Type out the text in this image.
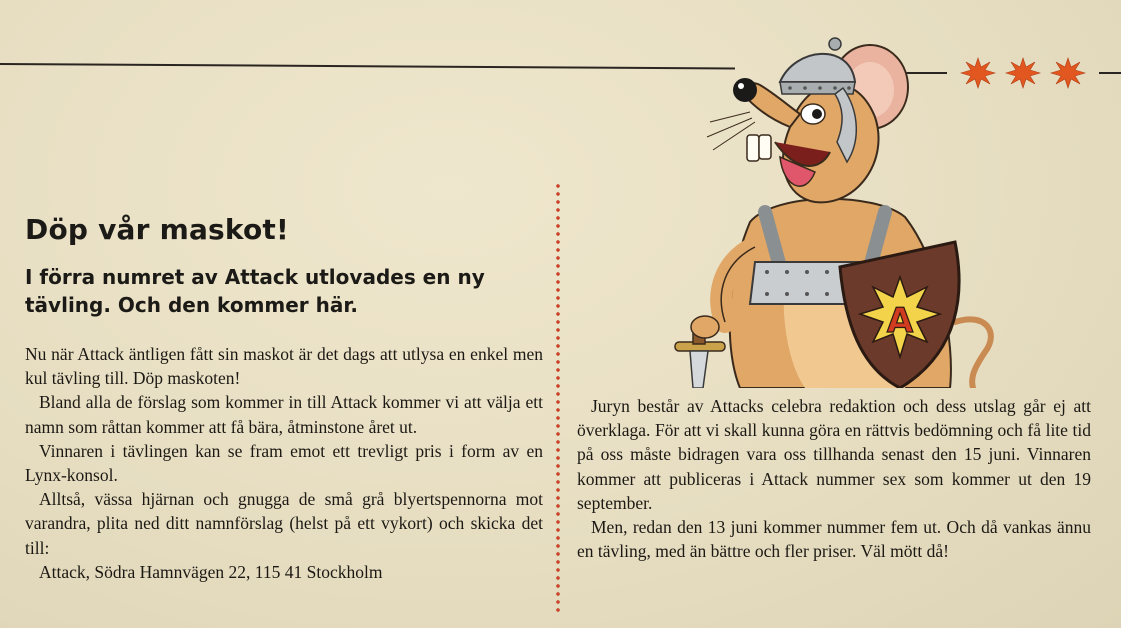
Döp vår maskot!
I förra numret av Attack utlovades en ny tävling. Och den kommer här.

Nu när Attack äntligen fått sin maskot är det dags att utlysa en enkel men kul tävling till. Döp maskoten!

Bland alla de förslag som kommer in till Attack kommer vi att välja ett namn som råttan kommer att få bära, åtminstone året ut.

Vinnaren i tävlingen kan se fram emot ett trevligt pris i form av en Lynx-konsol.

Alltså, vässa hjärnan och gnugga de små grå blyertspennorna mot varandra, plita ned ditt namnförslag (helst på ett vykort) och skicka det till:

Attack, Södra Hamnvägen 22, 115 41 Stockholm

Juryn består av Attacks celebra redaktion och dess utslag går ej att överklaga. För att vi skall kunna göra en rättvis bedömning och få lite tid på oss måste bidragen vara oss tillhanda senast den 15 juni. Vinnaren kommer att publiceras i Attack nummer sex som kommer ut den 19 september.

Men, redan den 13 juni kommer nummer fem ut. Och då vankas ännu en tävling, med än bättre och fler priser. Väl mött då!

A
